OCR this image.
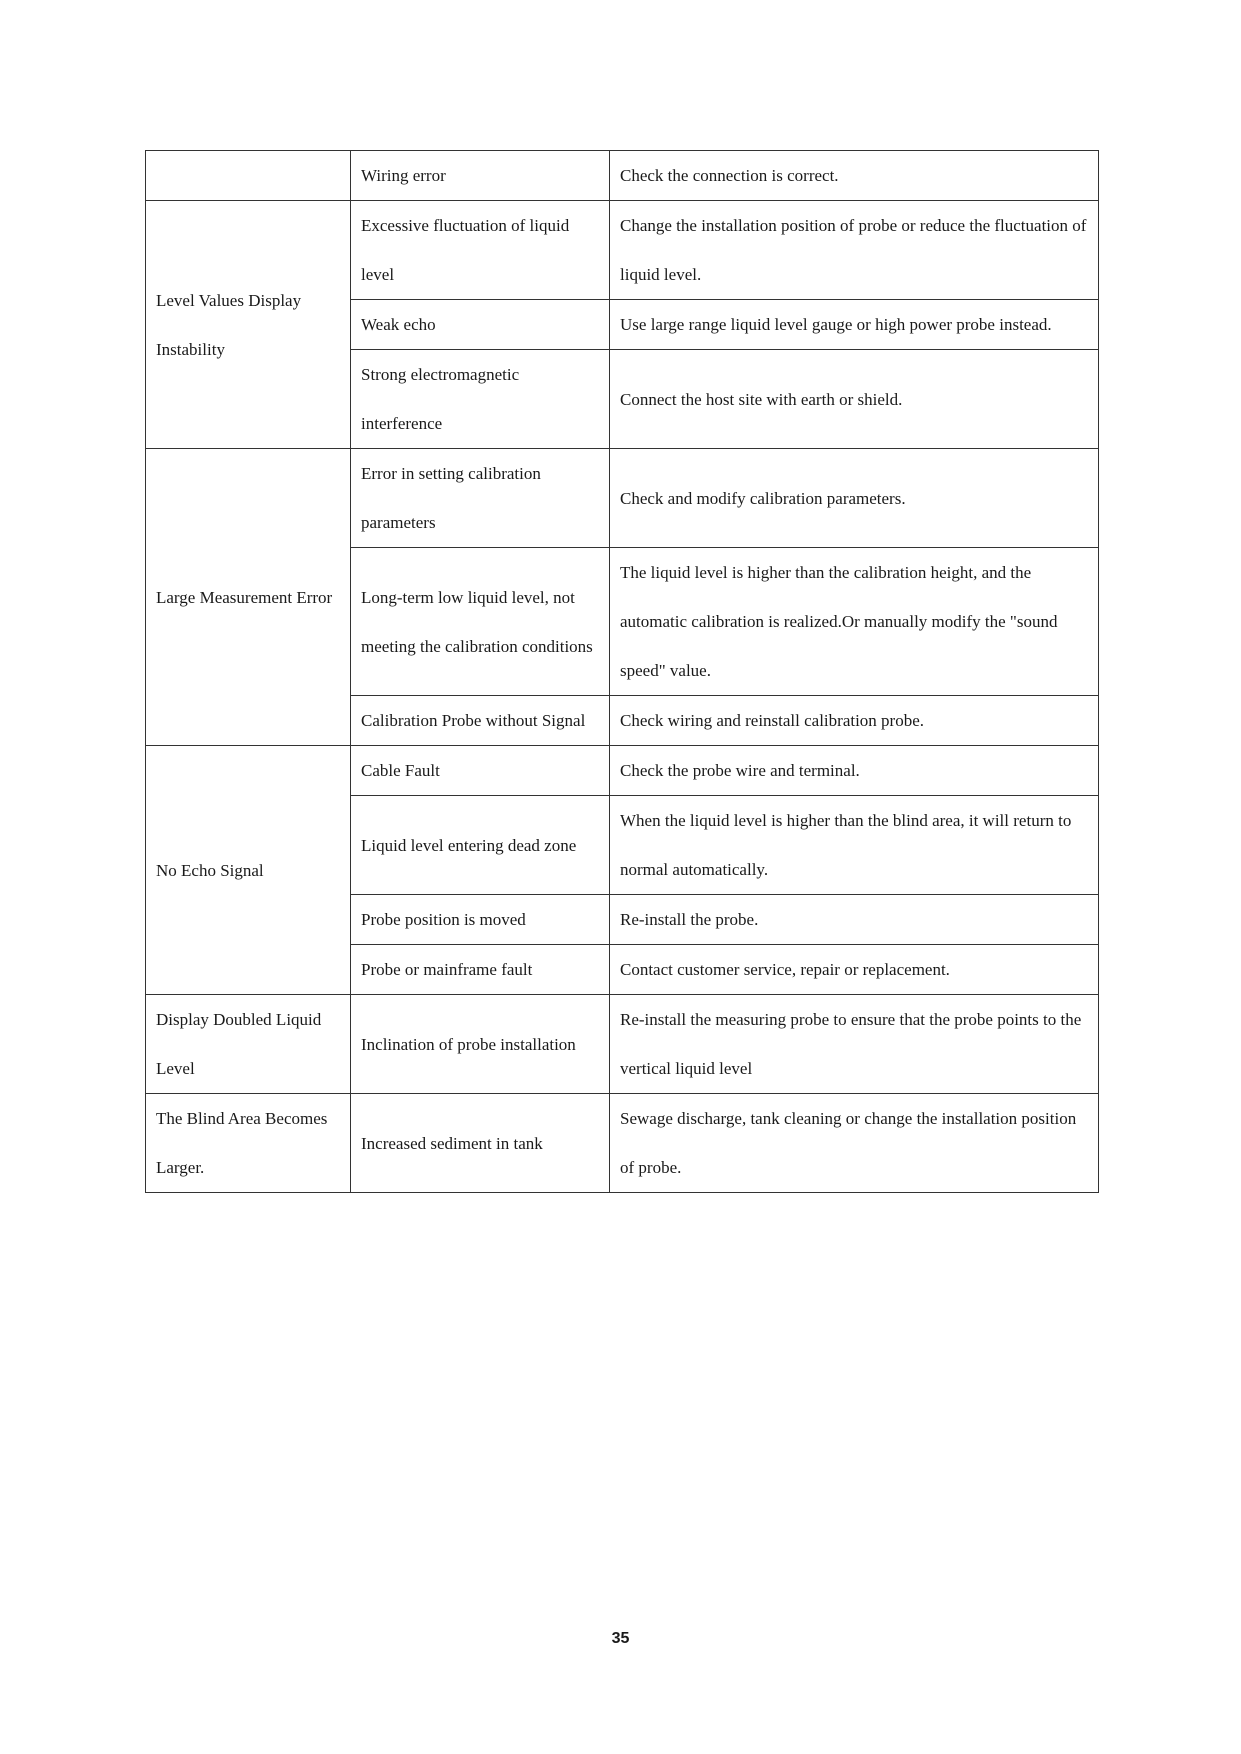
	Wiring error	Check the connection is correct.
Level Values Display Instability	Excessive fluctuation of liquid level	Change the installation position of probe or reduce the fluctuation of liquid level.
	Weak echo	Use large range liquid level gauge or high power probe instead.
	Strong electromagnetic interference	Connect the host site with earth or shield.
Large Measurement Error	Error in setting calibration parameters	Check and modify calibration parameters.
	Long-term low liquid level, not meeting the calibration conditions	The liquid level is higher than the calibration height, and the automatic calibration is realized.Or manually modify the "sound speed" value.
	Calibration Probe without Signal	Check wiring and reinstall calibration probe.
No Echo Signal	Cable Fault	Check the probe wire and terminal.
	Liquid level entering dead zone	When the liquid level is higher than the blind area, it will return to normal automatically.
	Probe position is moved	Re-install the probe.
	Probe or mainframe fault	Contact customer service, repair or replacement.
Display Doubled Liquid Level	Inclination of probe installation	Re-install the measuring probe to ensure that the probe points to the vertical liquid level
The Blind Area Becomes Larger.	Increased sediment in tank	Sewage discharge, tank cleaning or change the installation position of probe.
35
